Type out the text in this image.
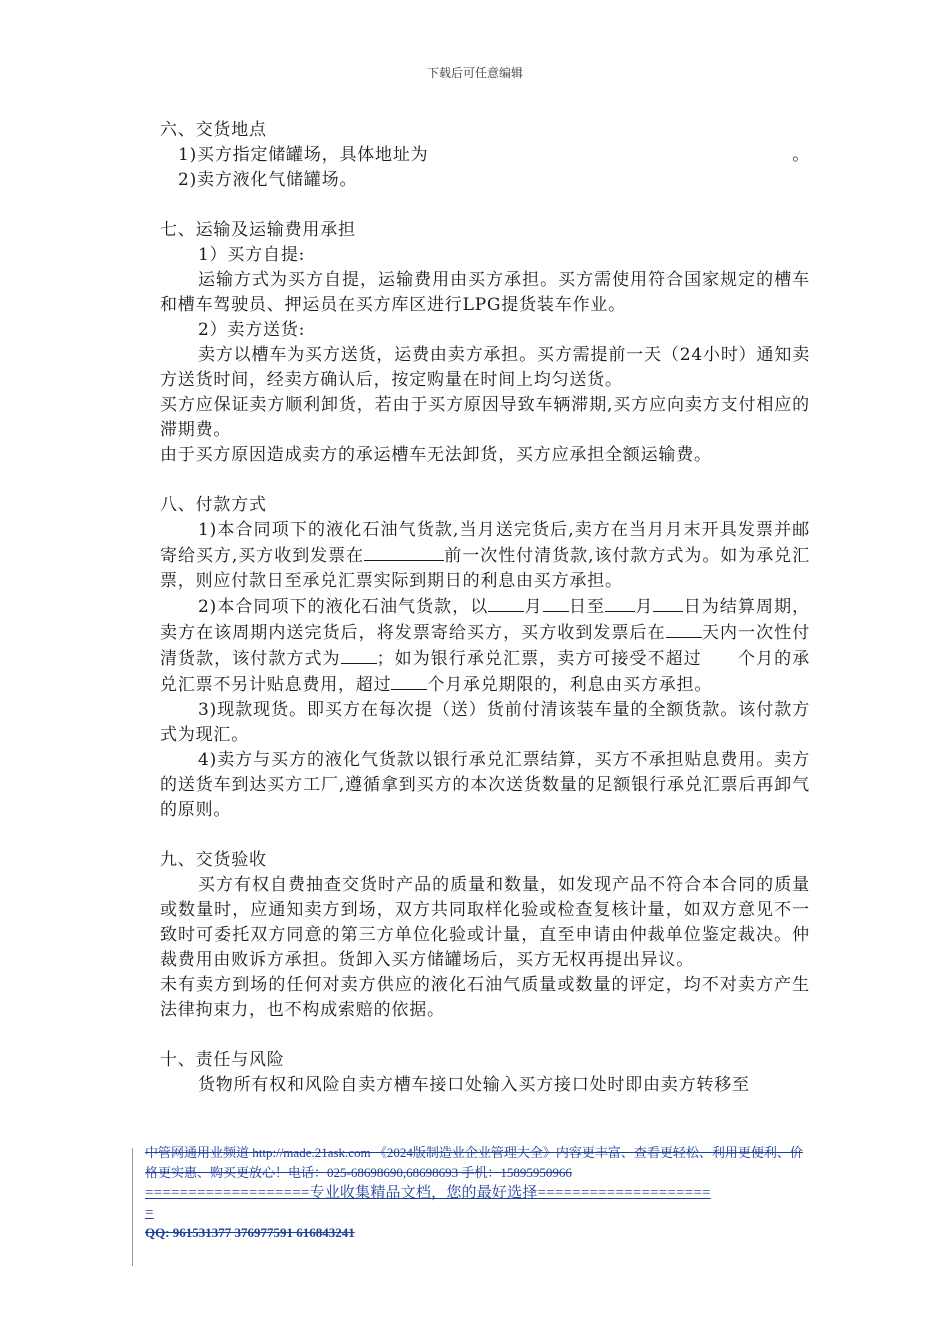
下载后可任意编辑

六、交货地点

1)买方指定储罐场，具体地址为	。

2)卖方液化气储罐场。

七、运输及运输费用承担

1）买方自提:

运输方式为买方自提，运输费用由买方承担。买方需使用符合国家规定的槽车和槽车驾驶员、押运员在买方库区进行LPG提货装车作业。

2）卖方送货:

卖方以槽车为买方送货，运费由卖方承担。买方需提前一天（24小时）通知卖方送货时间，经卖方确认后，按定购量在时间上均匀送货。

买方应保证卖方顺利卸货，若由于买方原因导致车辆滞期,买方应向卖方支付相应的滞期费。

由于买方原因造成卖方的承运槽车无法卸货，买方应承担全额运输费。

八、付款方式

1)本合同项下的液化石油气货款,当月送完货后,卖方在当月月末开具发票并邮寄给买方,买方收到发票在	前一次性付清货款,该付款方式为。如为承兑汇票，则应付款日至承兑汇票实际到期日的利息由买方承担。

2)本合同项下的液化石油气货款，以 月 日至 月 日为结算周期，卖方在该周期内送完货后，将发票寄给买方，买方收到发票后在 天内一次性付清货款，该付款方式为 ；如为银行承兑汇票，卖方可接受不超过 个月的承兑汇票不另计贴息费用，超过 个月承兑期限的，利息由买方承担。

3)现款现货。即买方在每次提（送）货前付清该装车量的全额货款。该付款方式为现汇。

4)卖方与买方的液化气货款以银行承兑汇票结算，买方不承担贴息费用。卖方的送货车到达买方工厂,遵循拿到买方的本次送货数量的足额银行承兑汇票后再卸气的原则。

九、交货验收

买方有权自费抽查交货时产品的质量和数量，如发现产品不符合本合同的质量或数量时，应通知卖方到场，双方共同取样化验或检查复核计量，如双方意见不一致时可委托双方同意的第三方单位化验或计量，直至申请由仲裁单位鉴定裁决。仲裁费用由败诉方承担。货卸入买方储罐场后，买方无权再提出异议。

未有卖方到场的任何对卖方供应的液化石油气质量或数量的评定，均不对卖方产生法律拘束力，也不构成索赔的依据。

十、责任与风险

货物所有权和风险自卖方槽车接口处输入买方接口处时即由卖方转移至

中管网通用业频道 http://made.21ask.com 《2024版制造业企业管理大全》内容更丰富、查看更轻松、利用更便利、价格更实惠、购买更放心！电话：025-68698690,68698693 手机：15895950966
===================专业收集精品文档，您的最好选择====================
=
QQ: 961531377 376977591 616843241
